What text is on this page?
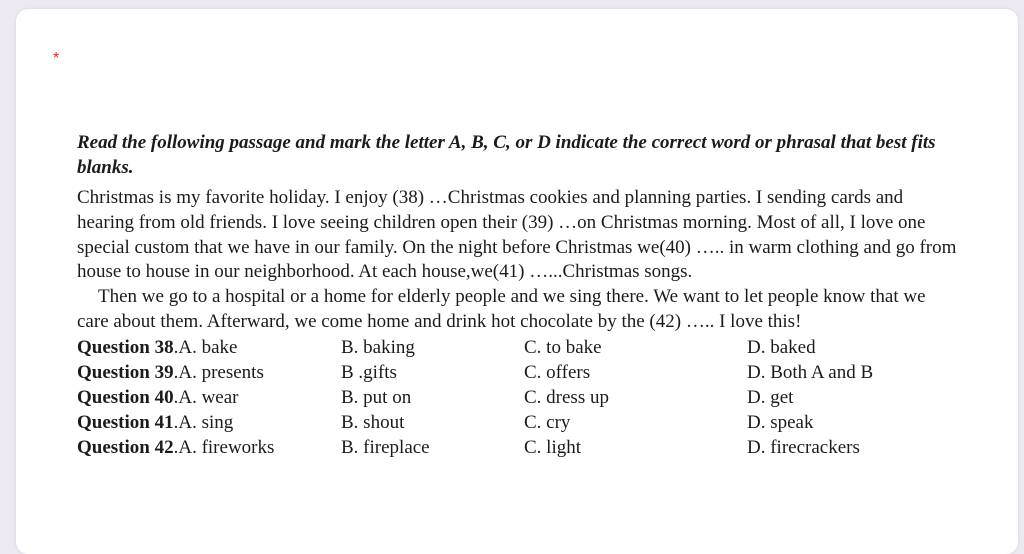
*
Read the following passage and mark the letter A, B, C, or D indicate the correct word or phrasal that best fits blanks.

Christmas is my favorite holiday. I enjoy (38) …Christmas cookies and planning parties. I sending cards and hearing from old friends. I love seeing children open their (39) …on Christmas morning. Most of all, I love one special custom that we have in our family. On the night before Christmas we(40) ….. in warm clothing and go from house to house in our neighborhood. At each house,we(41) …...Christmas songs.

Then we go to a hospital or a home for elderly people and we sing there. We want to let people know that we care about them. Afterward, we come home and drink hot chocolate by the (42) ….. I love this!

Question 38.A. bake	B. baking	C. to bake	D. baked
Question 39.A. presents	B .gifts	C. offers	D. Both A and B
Question 40.A. wear	B. put on	C. dress up	D. get
Question 41.A. sing	B. shout	C. cry	D. speak
Question 42.A. fireworks	B. fireplace	C. light	D. firecrackers
